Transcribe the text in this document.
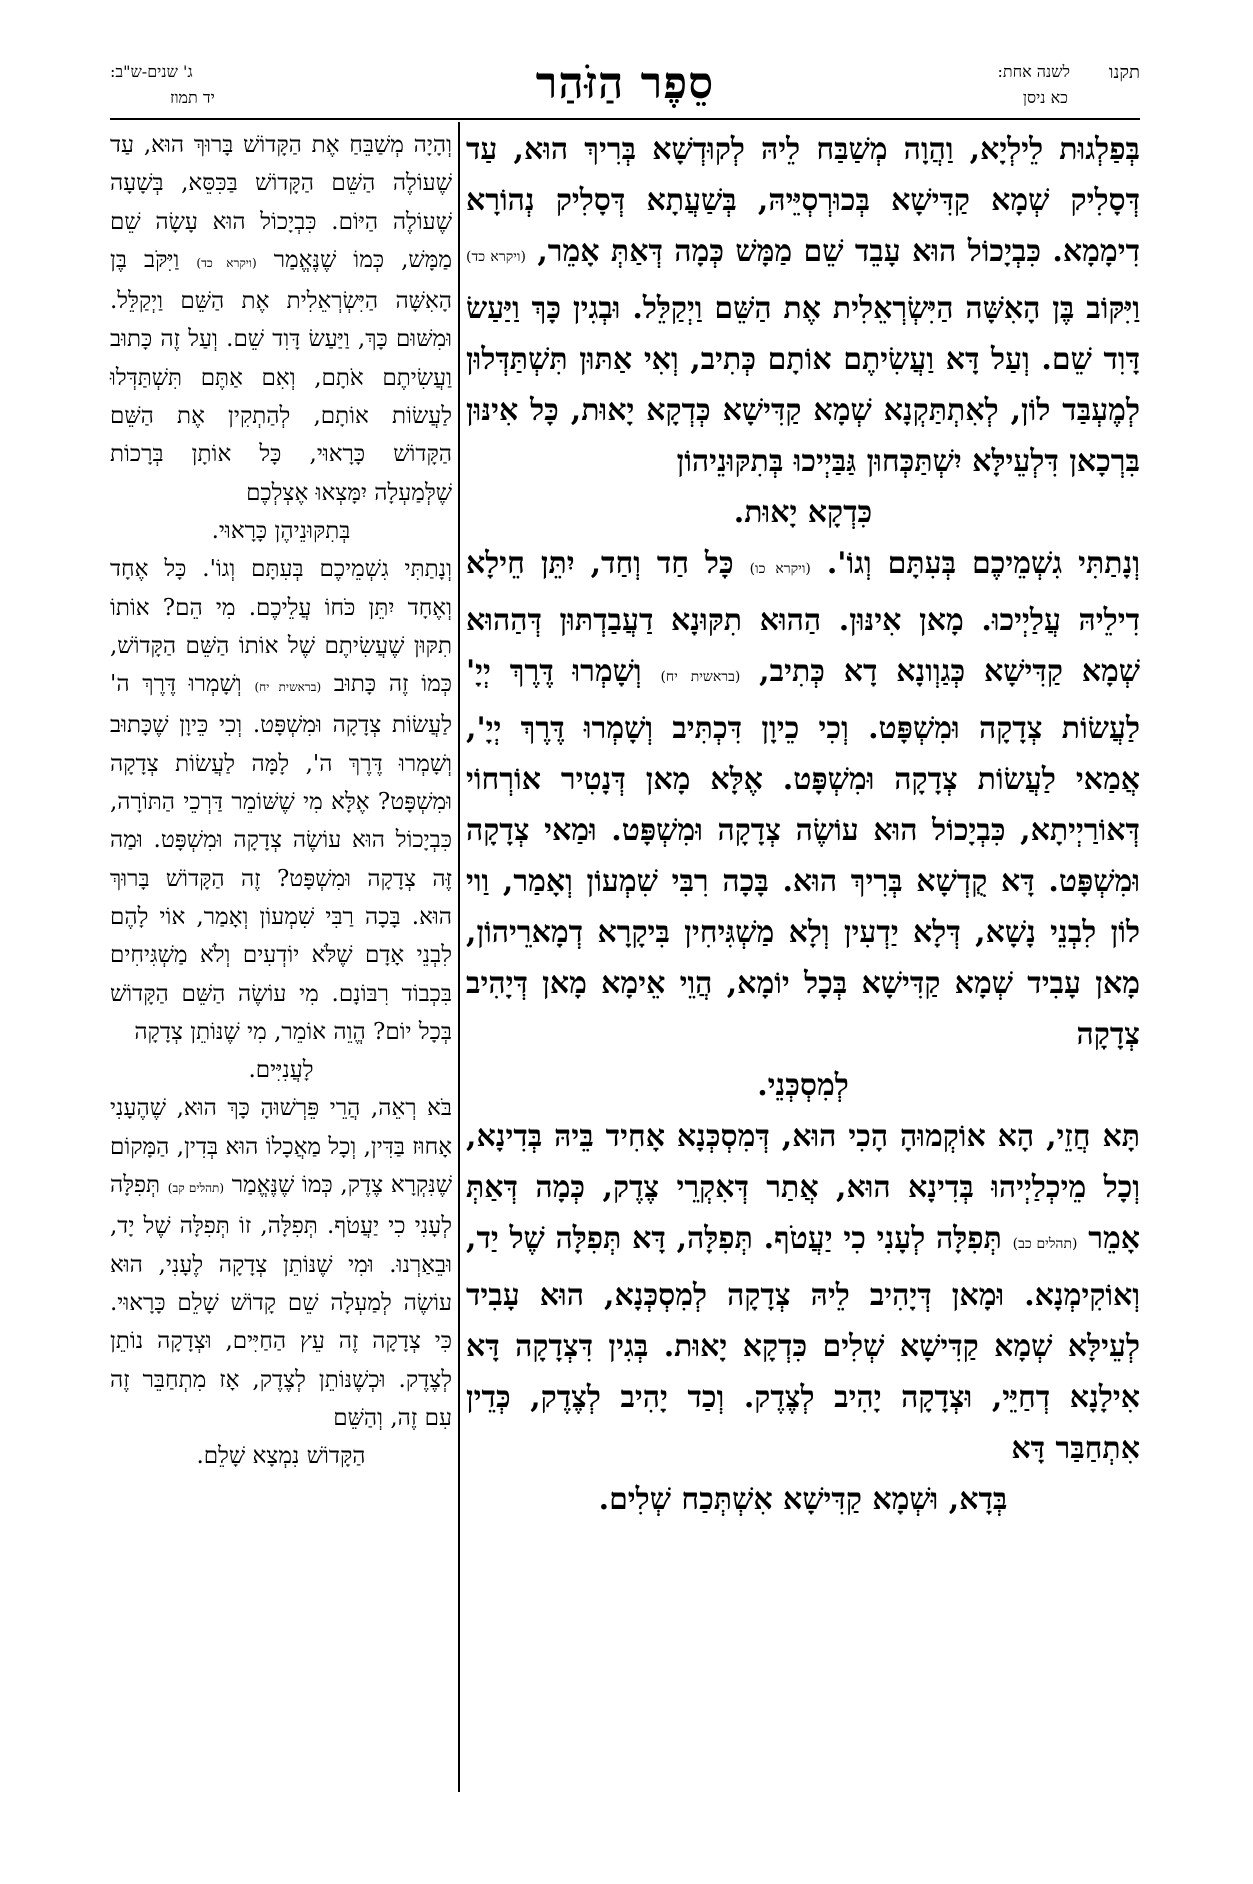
תקנו
לשנה אחת:
כא ניסן
סֵפֶר הַזֹּהַר
ג' שנים-ש"ב:
יד תמוז

בְּפַלְגוּת לֵילְיָא, וַהֲוָה מְשַׁבַּח לֵיהּ לְקוּדְשָׁא בְּרִיךְ הוּא, עַד דְּסָלִיק שְׁמָא קַדִּישָׁא בְּכוּרְסְיֵּיהּ, בְּשַׁעֲתָא דְּסָלִיק נְהוֹרָא דִימָמָא. כִּבְיָכוֹל הוּא עָבֵד שֵׁם מַמָּשׁ כְּמָה דְּאַתְּ אָמֵר, (ויקרא כד) וַיִּקּוֹב בֶּן הָאִשָּׁה הַיִּשְׂרְאֵלִית אֶת הַשֵּׁם וַיְקַלֵּל. וּבְגִין כָּךְ וַיַּעַשׂ דָּוִד שֵׁם. וְעַל דָּא וַעֲשִׂיתֶם אוֹתָם כְּתִיב, וְאִי אַתּוּן תִּשְׁתַּדְּלוּן לְמֶעְבַּד לוֹן, לְאִתְתַּקְנָא שְׁמָא קַדִּישָׁא כְּדְקָא יָאוּת, כָּל אִינּוּן בִּרְכָאן דִּלְעֵילָּא יִשְׁתַּכְּחוּן גַּבַּיְיכוּ בְּתִקּוּנֵיהוֹן

כִּדְקָא יָאוּת.

וְנָתַתִּי גִשְׁמֵיכֶם בְּעִתָּם וְגוֹ'. (ויקרא כו) כָּל חַד וְחַד, יִתֵּן חֵילָא דִילֵיהּ עֲלַיְיכוּ. מָאן אִינּוּן. הַהוּא תִקּוּנָא דַעֲבַדְתּוּן דְּהַהוּא שְׁמָא קַדִּישָׁא כְּגַוְונָא דָא כְּתִיב, (בראשית יח) וְשָׁמְרוּ דֶּרֶךְ יְיָ' לַעֲשׂוֹת צְדָקָה וּמִשְׁפָּט. וְכִי כֵיוָן דִּכְתִּיב וְשָׁמְרוּ דֶּרֶךְ יְיָ', אֲמַאי לַעֲשׂוֹת צְדָקָה וּמִשְׁפָּט. אֶלָּא מָאן דְּנָטִיר אוֹרְחוֹי דְּאוֹרַיְיתָא, כִּבְיָכוֹל הוּא עוֹשֶׂה צְדָקָה וּמִשְׁפָּט. וּמַאי צְדָקָה וּמִשְׁפָּט. דָּא קֻדְשָׁא בְּרִיךְ הוּא. בָּכָה רִבִּי שִׁמְעוֹן וְאָמַר, וַוי לוֹן לִבְנֵי נָשָׁא, דְּלָא יַדְעִין וְלָא מַשְׁגִּיחִין בִּיקָרָא דְמָארֵיהוֹן, מָאן עָבִיד שְׁמָא קַדִּישָׁא בְּכָל יוֹמָא, הֲוֵי אֵימָא מָאן דְּיָהִיב צְדָקָה

לְמִסְכְּנֵי.

תָּא חֲזֵי, הָא אוֹקְמוּהָ הָכִי הוּא, דְּמִסְכְּנָא אָחִיד בֵּיהּ בְּדִינָא, וְכָל מֵיכְלַיְיהוּ בְּדִינָא הוּא, אֲתַר דְּאִקְרֵי צֶדֶק, כְּמָה דְּאַתְּ אָמֵר (תהלים כב) תְּפִלָּה לְעָנִי כִי יַעֲטֹף. תְּפִלָּה, דָּא תְּפִלָּה שֶׁל יַד, וְאוֹקִימְנָא. וּמָאן דְּיָהִיב לֵיהּ צְדָקָה לְמִסְכְּנָא, הוּא עָבִיד לְעֵילָּא שְׁמָא קַדִּישָׁא שְׁלִים כִּדְקָא יָאוּת. בְּגִין דִּצְדָקָה דָּא אִילָנָא דְחַיֵּי, וּצְדָקָה יָהִיב לְצֶדֶק. וְכַד יָהִיב לְצֶדֶק, כְּדֵין אִתְחַבַּר דָּא

בְּדָא, וּשְׁמָא קַדִּישָׁא אִשְׁתְּכַח שְׁלִים.

וְהָיָה מְשַׁבֵּחַ אֶת הַקָּדוֹשׁ בָּרוּךְ הוּא, עַד שֶׁעוֹלֶה הַשֵּׁם הַקָּדוֹשׁ בַּכִּסֵּא, בְּשָׁעָה שֶׁעוֹלֶה הַיּוֹם. כִּבְיָכוֹל הוּא עָשָׂה שֵׁם מַמָּשׁ, כְּמוֹ שֶׁנֶּאֱמַר (ויקרא כד) וַיִּקֹּב בֶּן הָאִשָּׁה הַיִּשְׂרְאֵלִית אֶת הַשֵּׁם וַיְקַלֵּל. וּמִשּׁוּם כָּךְ, וַיַּעַשׂ דָּוִד שֵׁם. וְעַל זֶה כָּתוּב וַעֲשִׂיתֶם אֹתָם, וְאִם אַתֶּם תִּשְׁתַּדְּלוּ לַעֲשׂוֹת אוֹתָם, לְהַתְקִין אֶת הַשֵּׁם הַקָּדוֹשׁ כָּרָאוּי, כָּל אוֹתָן בְּרָכוֹת שֶׁלְּמַעְלָה יִמָּצְאוּ אֶצְלְכֶם

בְּתִקּוּנֵיהֶן כָּרָאוּי.

וְנָתַתִּי גִשְׁמֵיכֶם בְּעִתָּם וְגוֹ'. כָּל אֶחָד וְאֶחָד יִתֵּן כֹּחוֹ עֲלֵיכֶם. מִי הֵם? אוֹתוֹ תִקּוּן שֶׁעֲשִׂיתֶם שֶׁל אוֹתוֹ הַשֵּׁם הַקָּדוֹשׁ, כְּמוֹ זֶה כָּתוּב (בראשית יח) וְשָׁמְרוּ דֶּרֶךְ ה' לַעֲשׂוֹת צְדָקָה וּמִשְׁפָּט. וְכִי כֵּיוָן שֶׁכָּתוּב וְשָׁמְרוּ דֶּרֶךְ ה', לָמָּה לַעֲשׂוֹת צְדָקָה וּמִשְׁפָּט? אֶלָּא מִי שֶׁשּׁוֹמֵר דַּרְכֵי הַתּוֹרָה, כִּבְיָכוֹל הוּא עוֹשֶׂה צְדָקָה וּמִשְׁפָּט. וּמַה זֶּה צְדָקָה וּמִשְׁפָּט? זֶה הַקָּדוֹשׁ בָּרוּךְ הוּא. בָּכָה רַבִּי שִׁמְעוֹן וְאָמַר, אוֹי לָהֶם לִבְנֵי אָדָם שֶׁלֹּא יוֹדְעִים וְלֹא מַשְׁגִּיחִים בִּכְבוֹד רִבּוֹנָם. מִי עוֹשֶׂה הַשֵּׁם הַקָּדוֹשׁ בְּכָל יוֹם? הֱוֵה אוֹמֵר, מִי שֶׁנּוֹתֵן צְדָקָה

לָעֲנִיִּים.

בֹּא רְאֵה, הֲרֵי פֵּרְשׁוּהָ כָּךְ הוּא, שֶׁהֶעָנִי אָחוּז בַּדִּין, וְכָל מַאֲכָלוֹ הוּא בְּדִין, הַמָּקוֹם שֶׁנִּקְרָא צֶדֶק, כְּמוֹ שֶׁנֶּאֱמַר (תהלים קב) תְּפִלָּה לְעָנִי כִי יַעֲטֹף. תְּפִלָּה, זוֹ תְּפִלָּה שֶׁל יָד, וּבֵאַרְנוּ. וּמִי שֶׁנּוֹתֵן צְדָקָה לֶעָנִי, הוּא עוֹשֶׂה לְמַעְלָה שֵׁם קָדוֹשׁ שָׁלֵם כָּרָאוּי. כִּי צְדָקָה זֶה עֵץ הַחַיִּים, וּצְדָקָה נוֹתֵן לְצֶדֶק. וּכְשֶׁנּוֹתֵן לְצֶדֶק, אָז מִתְחַבֵּר זֶה עִם זֶה, וְהַשֵּׁם

הַקָּדוֹשׁ נִמְצָא שָׁלֵם.
